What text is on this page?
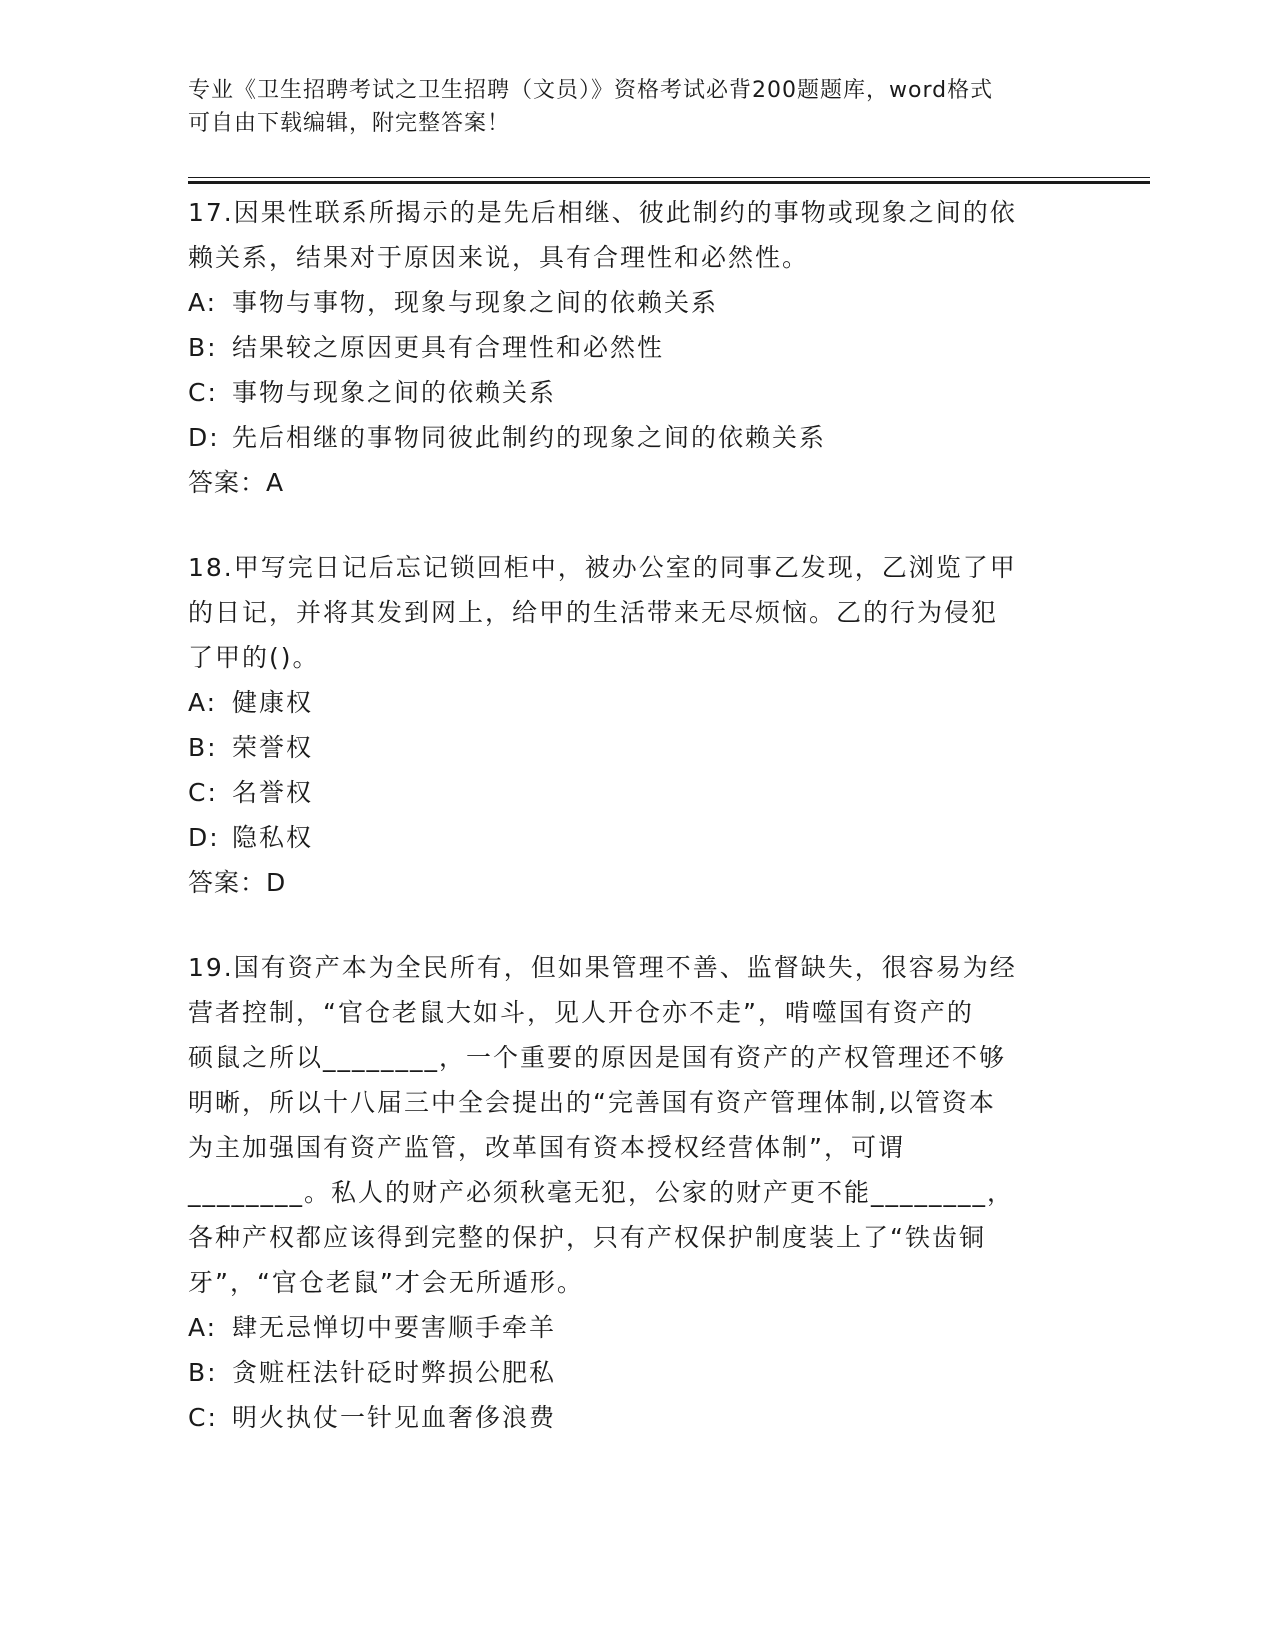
专业《卫生招聘考试之卫生招聘（文员）》资格考试必背200题题库，word格式
可自由下载编辑，附完整答案！

17.因果性联系所揭示的是先后相继、彼此制约的事物或现象之间的依

赖关系，结果对于原因来说，具有合理性和必然性。

A: 事物与事物，现象与现象之间的依赖关系
B: 结果较之原因更具有合理性和必然性
C: 事物与现象之间的依赖关系
D: 先后相继的事物同彼此制约的现象之间的依赖关系

答案：A

18.甲写完日记后忘记锁回柜中，被办公室的同事乙发现，乙浏览了甲

的日记，并将其发到网上，给甲的生活带来无尽烦恼。乙的行为侵犯

了甲的()。

A: 健康权
B: 荣誉权
C: 名誉权
D: 隐私权

答案：D

19.国有资产本为全民所有，但如果管理不善、监督缺失，很容易为经

营者控制，“官仓老鼠大如斗，见人开仓亦不走”，啃噬国有资产的

硕鼠之所以________，一个重要的原因是国有资产的产权管理还不够

明晰，所以十八届三中全会提出的“完善国有资产管理体制,以管资本

为主加强国有资产监管，改革国有资本授权经营体制”，可谓

________。私人的财产必须秋毫无犯，公家的财产更不能________，

各种产权都应该得到完整的保护，只有产权保护制度装上了“铁齿铜

牙”，“官仓老鼠”才会无所遁形。

A: 肆无忌惮切中要害顺手牵羊
B: 贪赃枉法针砭时弊损公肥私
C: 明火执仗一针见血奢侈浪费
